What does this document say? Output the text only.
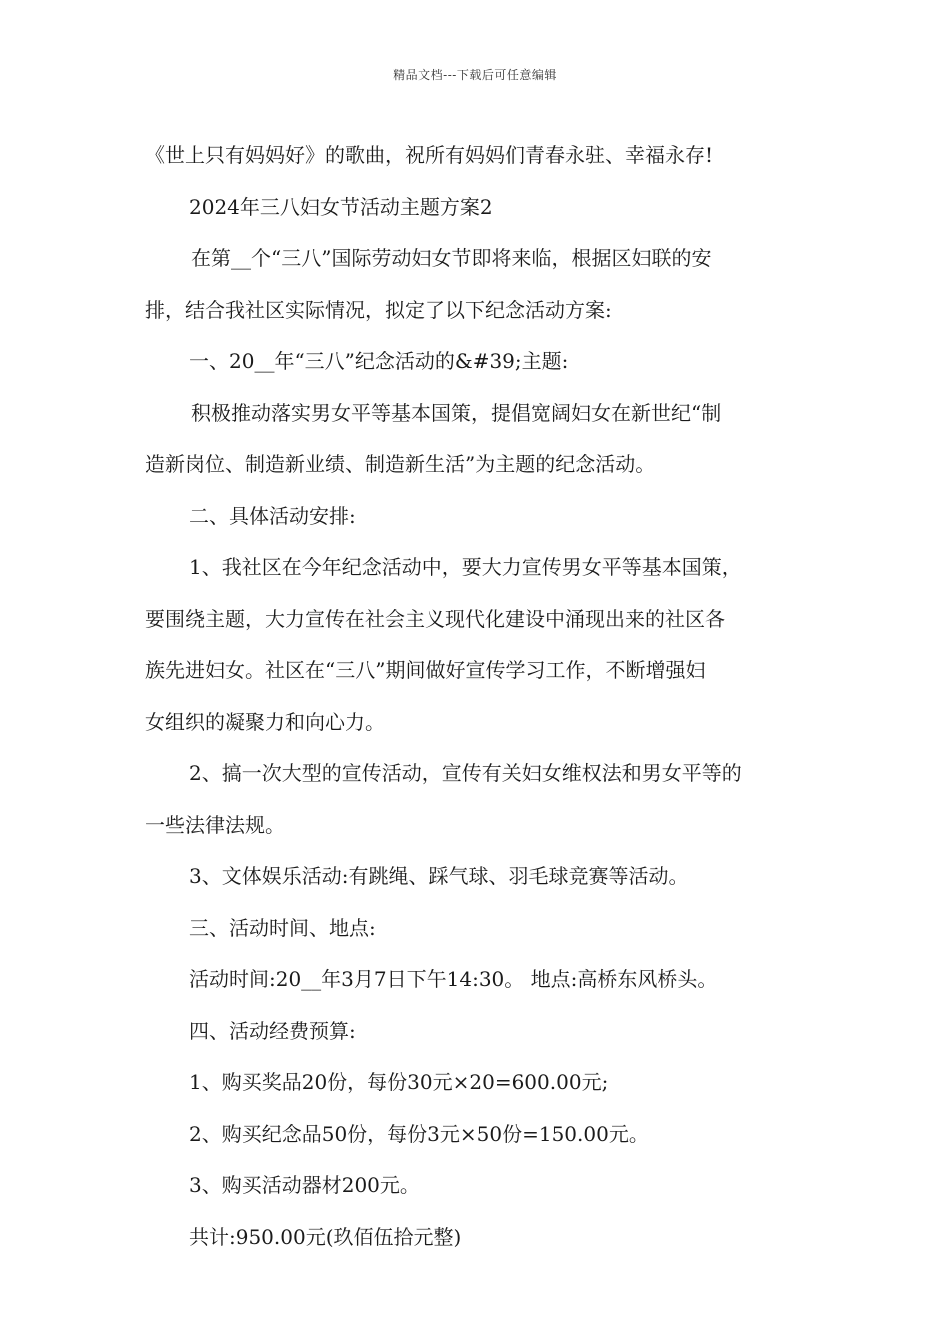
精品文档---下载后可任意编辑

《世上只有妈妈好》的歌曲，祝所有妈妈们青春永驻、幸福永存!

2024年三八妇女节活动主题方案2

在第__个“三八”国际劳动妇女节即将来临，根据区妇联的安

排，结合我社区实际情况，拟定了以下纪念活动方案:

一、20__年“三八”纪念活动的&#39;主题:

积极推动落实男女平等基本国策，提倡宽阔妇女在新世纪“制

造新岗位、制造新业绩、制造新生活”为主题的纪念活动。

二、具体活动安排:

1、我社区在今年纪念活动中，要大力宣传男女平等基本国策，

要围绕主题，大力宣传在社会主义现代化建设中涌现出来的社区各

族先进妇女。社区在“三八”期间做好宣传学习工作，不断增强妇

女组织的凝聚力和向心力。

2、搞一次大型的宣传活动，宣传有关妇女维权法和男女平等的

一些法律法规。

3、文体娱乐活动:有跳绳、踩气球、羽毛球竞赛等活动。

三、活动时间、地点:

活动时间:20__年3月7日下午14:30。 地点:高桥东风桥头。

四、活动经费预算:

1、购买奖品20份，每份30元×20=600.00元;

2、购买纪念品50份，每份3元×50份=150.00元。

3、购买活动器材200元。

共计:950.00元(玖佰伍拾元整)
